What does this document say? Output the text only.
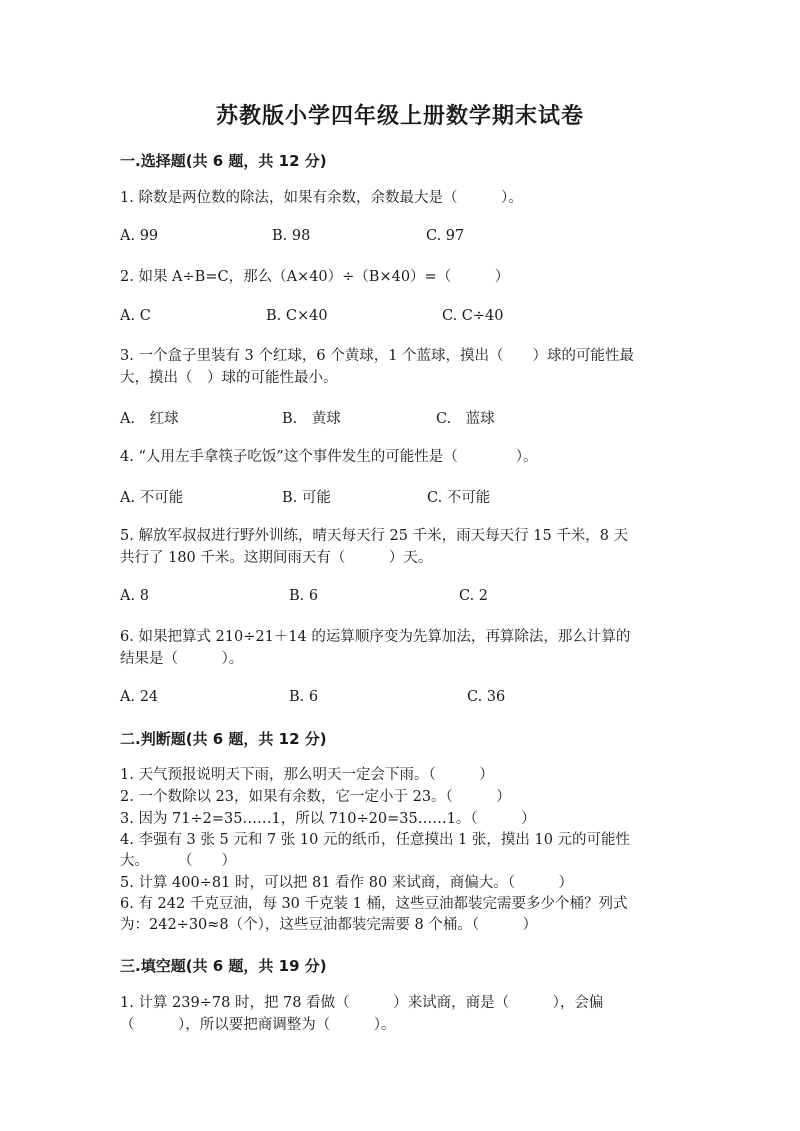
苏教版小学四年级上册数学期末试卷
一.选择题(共 6 题，共 12 分)
1. 除数是两位数的除法，如果有余数，余数最大是（　　　）。
A. 99	B. 98	C. 97
2. 如果 A÷B=C，那么（A×40）÷（B×40）=（　　　）
A. C	B. C×40	C. C÷40
3. 一个盒子里装有 3 个红球，6 个黄球，1 个蓝球，摸出（　　）球的可能性最
大，摸出（　）球的可能性最小。
A.　红球	B.　黄球	C.　蓝球
4. “人用左手拿筷子吃饭”这个事件发生的可能性是（　　　　）。
A. 不可能	B. 可能	C. 不可能
5. 解放军叔叔进行野外训练，晴天每天行 25 千米，雨天每天行 15 千米，8 天
共行了 180 千米。这期间雨天有（　　　）天。
A. 8	B. 6	C. 2
6. 如果把算式 210÷21＋14 的运算顺序变为先算加法，再算除法，那么计算的
结果是（　　　）。
A. 24	B. 6	C. 36
二.判断题(共 6 题，共 12 分)
1. 天气预报说明天下雨，那么明天一定会下雨。（　　　）
2. 一个数除以 23，如果有余数，它一定小于 23。（　　　）
3. 因为 71÷2=35……1，所以 710÷20=35……1。（　　　）
4. 李强有 3 张 5 元和 7 张 10 元的纸币，任意摸出 1 张，摸出 10 元的可能性
大。　　　（　　）
5. 计算 400÷81 时，可以把 81 看作 80 来试商，商偏大。（　　　）
6. 有 242 千克豆油，每 30 千克装 1 桶，这些豆油都装完需要多少个桶？列式
为：242÷30≈8（个），这些豆油都装完需要 8 个桶。（　　　）
三.填空题(共 6 题，共 19 分)
1. 计算 239÷78 时，把 78 看做（　　　）来试商，商是（　　　），会偏
（　　　），所以要把商调整为（　　　）。
